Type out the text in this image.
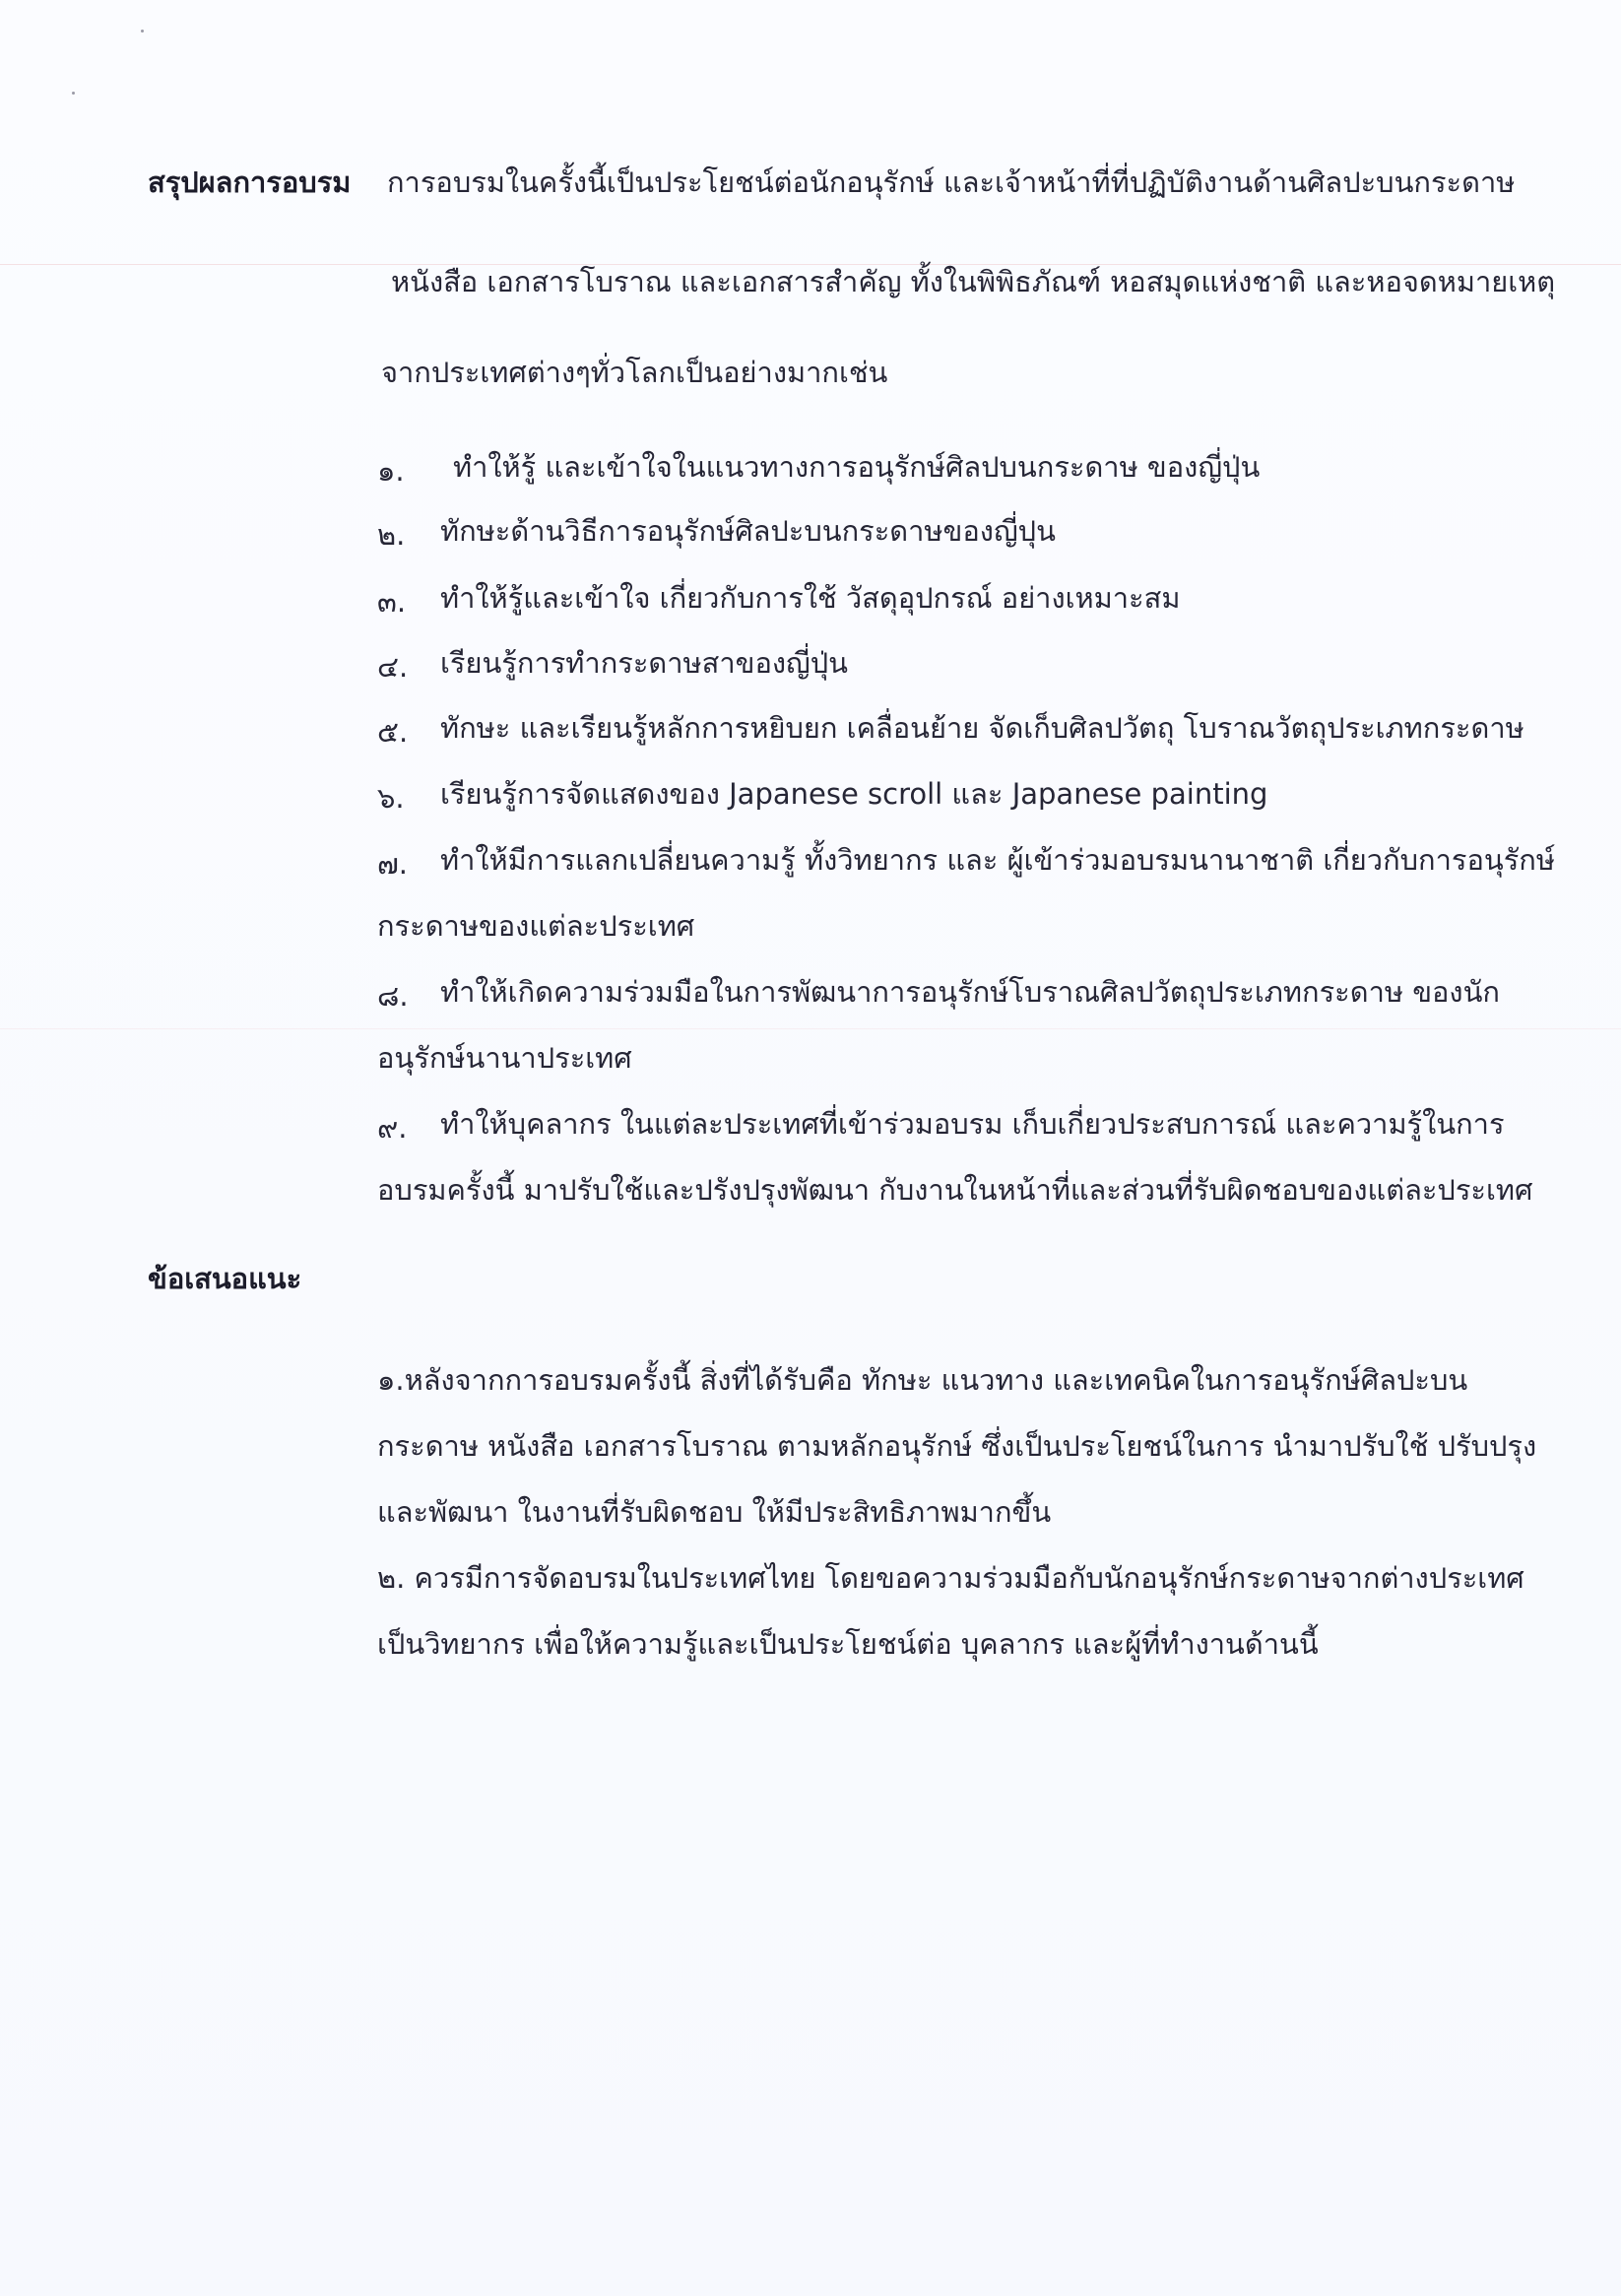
สรุปผลการอบรม การอบรมในครั้งนี้เป็นประโยชน์ต่อนักอนุรักษ์ และเจ้าหน้าที่ที่ปฏิบัติงานด้านศิลปะบนกระดาษ
หนังสือ เอกสารโบราณ และเอกสารสำคัญ ทั้งในพิพิธภัณฑ์ หอสมุดแห่งชาติ และหอจดหมายเหตุ
จากประเทศต่างๆทั่วโลกเป็นอย่างมากเช่น
๑. ทำให้รู้ และเข้าใจในแนวทางการอนุรักษ์ศิลปบนกระดาษ ของญี่ปุ่น
๒. ทักษะด้านวิธีการอนุรักษ์ศิลปะบนกระดาษของญี่ปุน
๓. ทำให้รู้และเข้าใจ เกี่ยวกับการใช้ วัสดุอุปกรณ์ อย่างเหมาะสม
๔. เรียนรู้การทำกระดาษสาของญี่ปุ่น
๕. ทักษะ และเรียนรู้หลักการหยิบยก เคลื่อนย้าย จัดเก็บศิลปวัตถุ โบราณวัตถุประเภทกระดาษ
๖. เรียนรู้การจัดแสดงของ Japanese scroll และ Japanese painting
๗. ทำให้มีการแลกเปลี่ยนความรู้ ทั้งวิทยากร และ ผู้เข้าร่วมอบรมนานาชาติ เกี่ยวกับการอนุรักษ์
กระดาษของแต่ละประเทศ
๘. ทำให้เกิดความร่วมมือในการพัฒนาการอนุรักษ์โบราณศิลปวัตถุประเภทกระดาษ ของนัก
อนุรักษ์นานาประเทศ
๙. ทำให้บุคลากร ในแต่ละประเทศที่เข้าร่วมอบรม เก็บเกี่ยวประสบการณ์ และความรู้ในการ
อบรมครั้งนี้ มาปรับใช้และปรังปรุงพัฒนา กับงานในหน้าที่และส่วนที่รับผิดชอบของแต่ละประเทศ
ข้อเสนอแนะ
๑.หลังจากการอบรมครั้งนี้ สิ่งที่ได้รับคือ ทักษะ แนวทาง และเทคนิคในการอนุรักษ์ศิลปะบน
กระดาษ หนังสือ เอกสารโบราณ ตามหลักอนุรักษ์ ซึ่งเป็นประโยชน์ในการ นำมาปรับใช้ ปรับปรุง
และพัฒนา ในงานที่รับผิดชอบ ให้มีประสิทธิภาพมากขึ้น
๒. ควรมีการจัดอบรมในประเทศไทย โดยขอความร่วมมือกับนักอนุรักษ์กระดาษจากต่างประเทศ
เป็นวิทยากร เพื่อให้ความรู้และเป็นประโยชน์ต่อ บุคลากร และผู้ที่ทำงานด้านนี้
